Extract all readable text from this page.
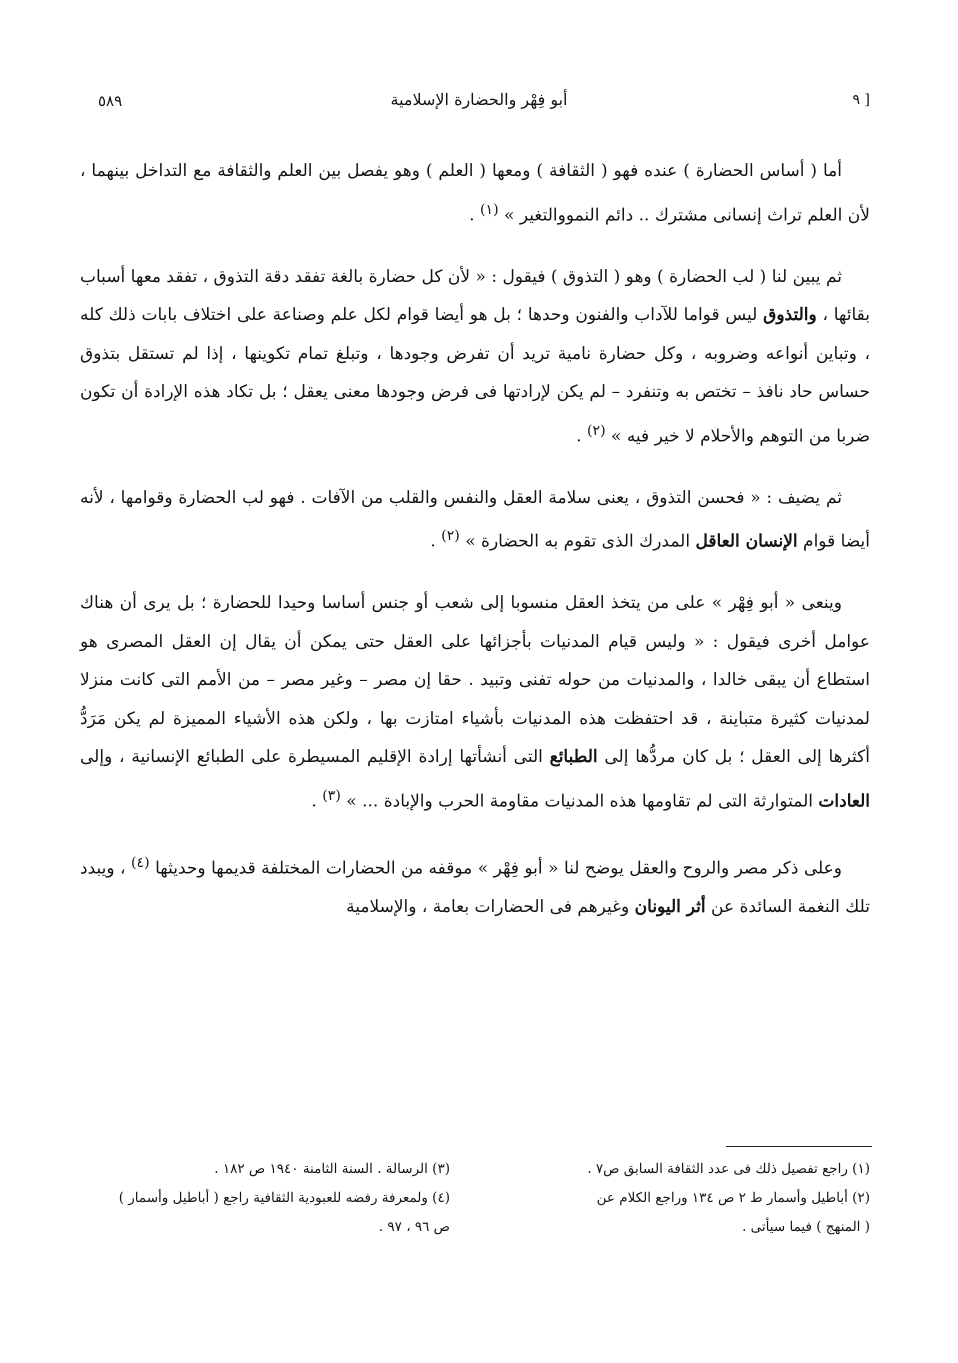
[ ٩
أبو فِهْر والحضارة الإسلامية
٥٨٩

أما ( أساس الحضارة ) عنده فهو ( الثقافة ) ومعها ( العلم ) وهو يفصل بين العلم والثقافة مع التداخل بينهما ، لأن العلم تراث إنسانى مشترك .. دائم النمووالتغير » $^{(١)}$ .

ثم يبين لنا ( لب الحضارة ) وهو ( التذوق ) فيقول : « لأن كل حضارة بالغة تفقد دقة التذوق ، تفقد معها أسباب بقائها ، والتذوق ليس قواما للآداب والفنون وحدها ؛ بل هو أيضا قوام لكل علم وصناعة على اختلاف بابات ذلك كله ، وتباين أنواعه وضروبه ، وكل حضارة نامية تريد أن تفرض وجودها ، وتبلغ تمام تكوينها ، إذا لم تستقل بتذوق حساس حاد نافذ – تختص به وتنفرد – لم يكن لإرادتها فى فرض وجودها معنى يعقل ؛ بل تكاد هذه الإرادة أن تكون ضربا من التوهم والأحلام لا خير فيه » $^{(٢)}$ .

ثم يضيف : « فحسن التذوق ، يعنى سلامة العقل والنفس والقلب من الآفات . فهو لب الحضارة وقوامها ، لأنه أيضا قوام الإنسان العاقل المدرك الذى تقوم به الحضارة » $^{(٢)}$ .

وينعى « أبو فِهْر » على من يتخذ العقل منسوبا إلى شعب أو جنس أساسا وحيدا للحضارة ؛ بل يرى أن هناك عوامل أخرى فيقول : « وليس قيام المدنيات بأجزائها على العقل حتى يمكن أن يقال إن العقل المصرى هو استطاع أن يبقى خالدا ، والمدنيات من حوله تفنى وتبيد . حقا إن مصر – وغير مصر – من الأمم التى كانت منزلا لمدنيات كثيرة متباينة ، قد احتفظت هذه المدنيات بأشياء امتازت بها ، ولكن هذه الأشياء المميزة لم يكن مَرَدُّ أكثرها إلى العقل ؛ بل كان مردُّها إلى الطبائع التى أنشأتها إرادة الإقليم المسيطرة على الطبائع الإنسانية ، وإلى العادات المتوارثة التى لم تقاومها هذه المدنيات مقاومة الحرب والإبادة ... » $^{(٣)}$ .

وعلى ذكر مصر والروح والعقل يوضح لنا « أبو فِهْر » موقفه من الحضارات المختلفة قديمها وحديثها $^{(٤)}$ ، ويبدد تلك النغمة السائدة عن أثر اليونان وغيرهم فى الحضارات بعامة ، والإسلامية

(١) راجع تفصيل ذلك فى عدد الثقافة السابق ص٧ .

(٢) أباطيل وأسمار ط ٢ ص ١٣٤ وراجع الكلام عن

( المنهج ) فيما سيأتى .

(٣) الرسالة . السنة الثامنة ١٩٤٠ ص ١٨٢ .

(٤) ولمعرفة رفضه للعبودية الثقافية راجع ( أباطيل وأسمار )

ص ٩٦ ، ٩٧ .
